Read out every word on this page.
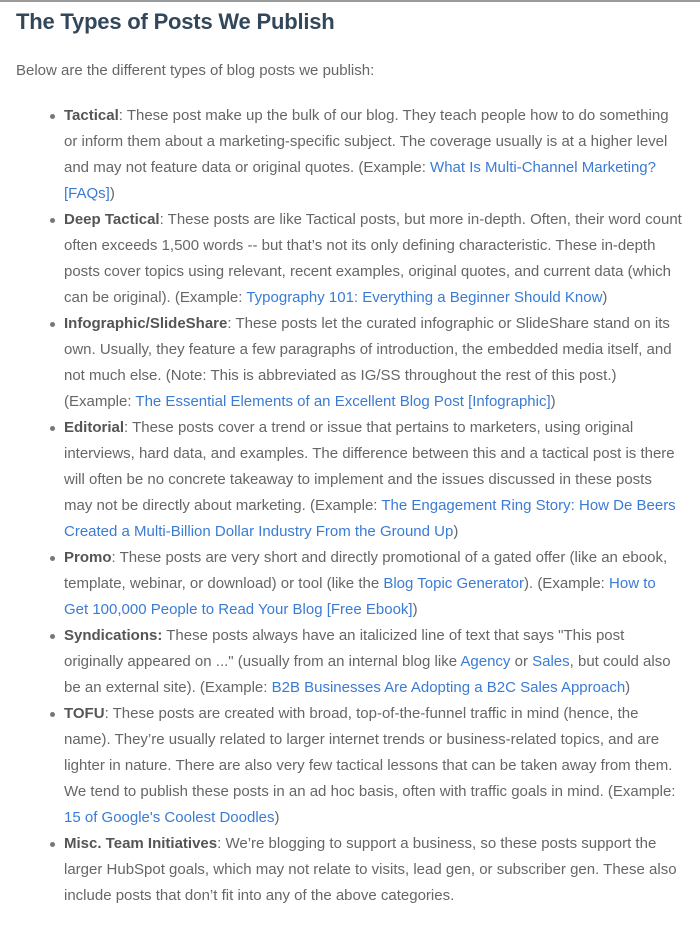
The Types of Posts We Publish

Below are the different types of blog posts we publish:

Tactical: These post make up the bulk of our blog. They teach people how to do something or inform them about a marketing-specific subject. The coverage usually is at a higher level and may not feature data or original quotes. (Example: What Is Multi-Channel Marketing? [FAQs])
Deep Tactical: These posts are like Tactical posts, but more in-depth. Often, their word count often exceeds 1,500 words -- but that’s not its only defining characteristic. These in-depth posts cover topics using relevant, recent examples, original quotes, and current data (which can be original). (Example: Typography 101: Everything a Beginner Should Know)
Infographic/SlideShare: These posts let the curated infographic or SlideShare stand on its own. Usually, they feature a few paragraphs of introduction, the embedded media itself, and not much else. (Note: This is abbreviated as IG/SS throughout the rest of this post.) (Example: The Essential Elements of an Excellent Blog Post [Infographic])
Editorial: These posts cover a trend or issue that pertains to marketers, using original interviews, hard data, and examples. The difference between this and a tactical post is there will often be no concrete takeaway to implement and the issues discussed in these posts may not be directly about marketing. (Example: The Engagement Ring Story: How De Beers Created a Multi-Billion Dollar Industry From the Ground Up)
Promo: These posts are very short and directly promotional of a gated offer (like an ebook, template, webinar, or download) or tool (like the Blog Topic Generator). (Example: How to Get 100,000 People to Read Your Blog [Free Ebook])
Syndications: These posts always have an italicized line of text that says "This post originally appeared on ..." (usually from an internal blog like Agency or Sales, but could also be an external site). (Example: B2B Businesses Are Adopting a B2C Sales Approach)
TOFU: These posts are created with broad, top-of-the-funnel traffic in mind (hence, the name). They’re usually related to larger internet trends or business-related topics, and are lighter in nature. There are also very few tactical lessons that can be taken away from them. We tend to publish these posts in an ad hoc basis, often with traffic goals in mind. (Example: 15 of Google's Coolest Doodles)
Misc. Team Initiatives: We’re blogging to support a business, so these posts support the larger HubSpot goals, which may not relate to visits, lead gen, or subscriber gen. These also include posts that don’t fit into any of the above categories.
